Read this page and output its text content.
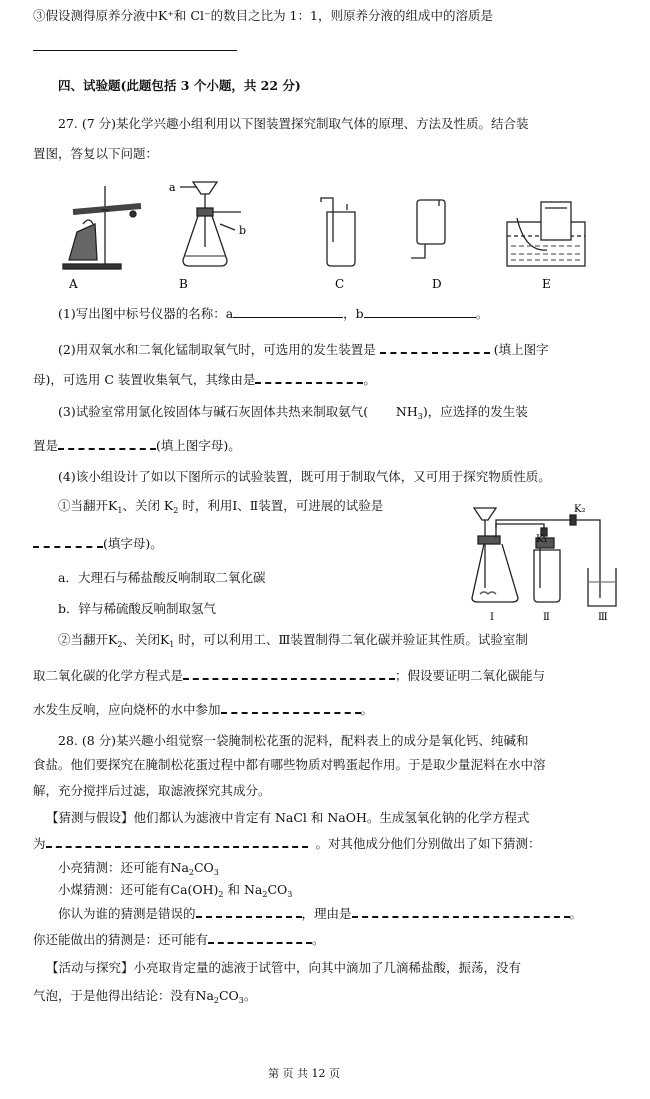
③假设测得原养分液中K⁺和 Cl⁻的数目之比为 1：1，则原养分液的组成中的溶质是
四、试验题(此题包括 3 个小题，共 22 分)
27. (7 分)某化学兴趣小组利用以下图装置探究制取气体的原理、方法及性质。结合装
置图，答复以下问题：
a
b
A	B	C	D	E
(1)写出图中标号仪器的名称：a	，b	。
(2)用双氧水和二氧化锰制取氧气时，可选用的发生装置是	(填上图字
母)，可选用 C 装置收集氧气，其缘由是	。
(3)试验室常用氯化铵固体与碱石灰固体共热来制取氨气( $NH_3$)，应选择的发生装
置是	(填上图字母)。
(4)该小组设计了如以下图所示的试验装置，既可用于制取气体，又可用于探究物质性质。
①当翻开$K_1$、关闭 $K_2$ 时，利用Ⅰ、Ⅱ装置，可进展的试验是
(填字母)。
a．大理石与稀盐酸反响制取二氧化碳
b．锌与稀硫酸反响制取氢气
K₁
K₂
Ⅰ	Ⅱ	Ⅲ
②当翻开$K_2$、关闭$K_1$ 时，可以利用工、Ⅲ装置制得二氧化碳并验证其性质。试验室制
取二氧化碳的化学方程式是	；假设要证明二氧化碳能与
水发生反响，应向烧杯的水中参加	。
28. (8 分)某兴趣小组觉察一袋腌制松花蛋的泥料，配料表上的成分是氧化钙、纯碱和
食盐。他们要探究在腌制松花蛋过程中都有哪些物质对鸭蛋起作用。于是取少量泥料在水中溶
解，充分搅拌后过滤，取滤液探究其成分。
【猜测与假设】他们都认为滤液中肯定有 NaCl 和 NaOH。生成氢氧化钠的化学方程式
为	。对其他成分他们分别做出了如下猜测：
小亮猜测：还可能有$Na_2CO_3$
小煤猜测：还可能有$Ca(OH)_2$ 和 $Na_2CO_3$
你认为谁的猜测是错误的	，理由是	。
你还能做出的猜测是：还可能有	。
【活动与探究】小亮取肯定量的滤液于试管中，向其中滴加了几滴稀盐酸，振荡，没有
气泡，于是他得出结论：没有$Na_2CO_3$。
第 页 共 12 页
